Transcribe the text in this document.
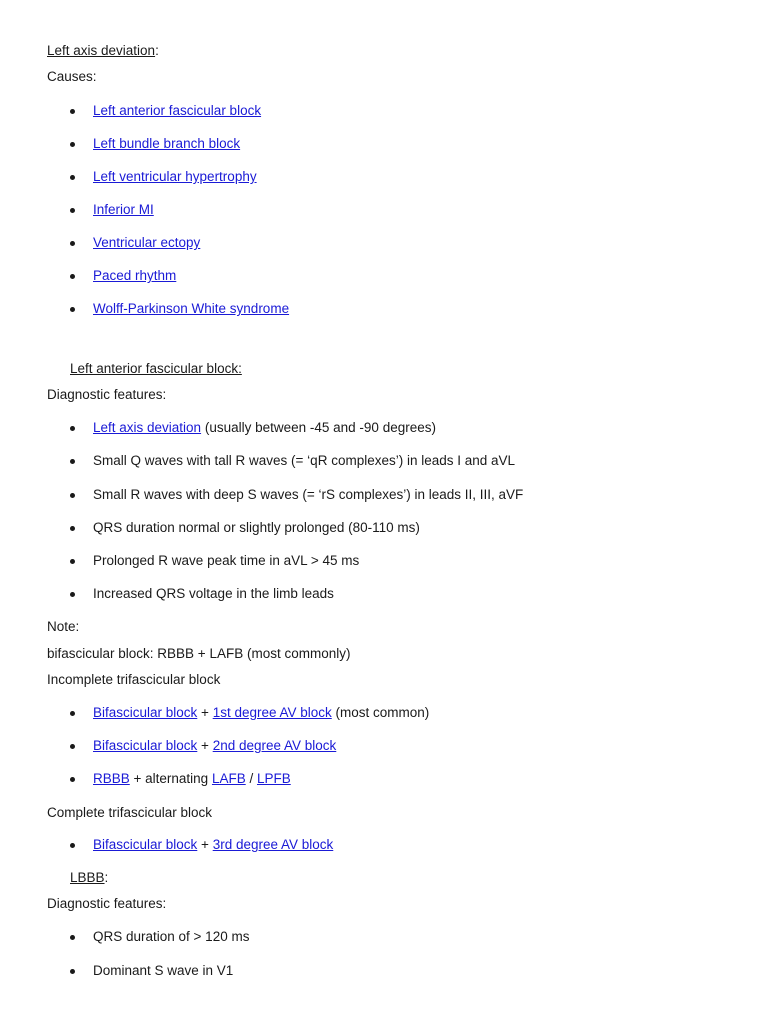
Left axis deviation:
Causes:
Left anterior fascicular block
Left bundle branch block
Left ventricular hypertrophy
Inferior MI
Ventricular ectopy
Paced rhythm
Wolff-Parkinson White syndrome
Left anterior fascicular block:
Diagnostic features:
Left axis deviation (usually between -45 and -90 degrees)
Small Q waves with tall R waves (= ‘qR complexes’) in leads I and aVL
Small R waves with deep S waves (= ‘rS complexes’) in leads II, III, aVF
QRS duration normal or slightly prolonged (80-110 ms)
Prolonged R wave peak time in aVL > 45 ms
Increased QRS voltage in the limb leads
Note:
bifascicular block: RBBB + LAFB (most commonly)
Incomplete trifascicular block
Bifascicular block + 1st degree AV block (most common)
Bifascicular block + 2nd degree AV block
RBBB + alternating LAFB / LPFB
Complete trifascicular block
Bifascicular block + 3rd degree AV block
LBBB:
Diagnostic features:
QRS duration of > 120 ms
Dominant S wave in V1
